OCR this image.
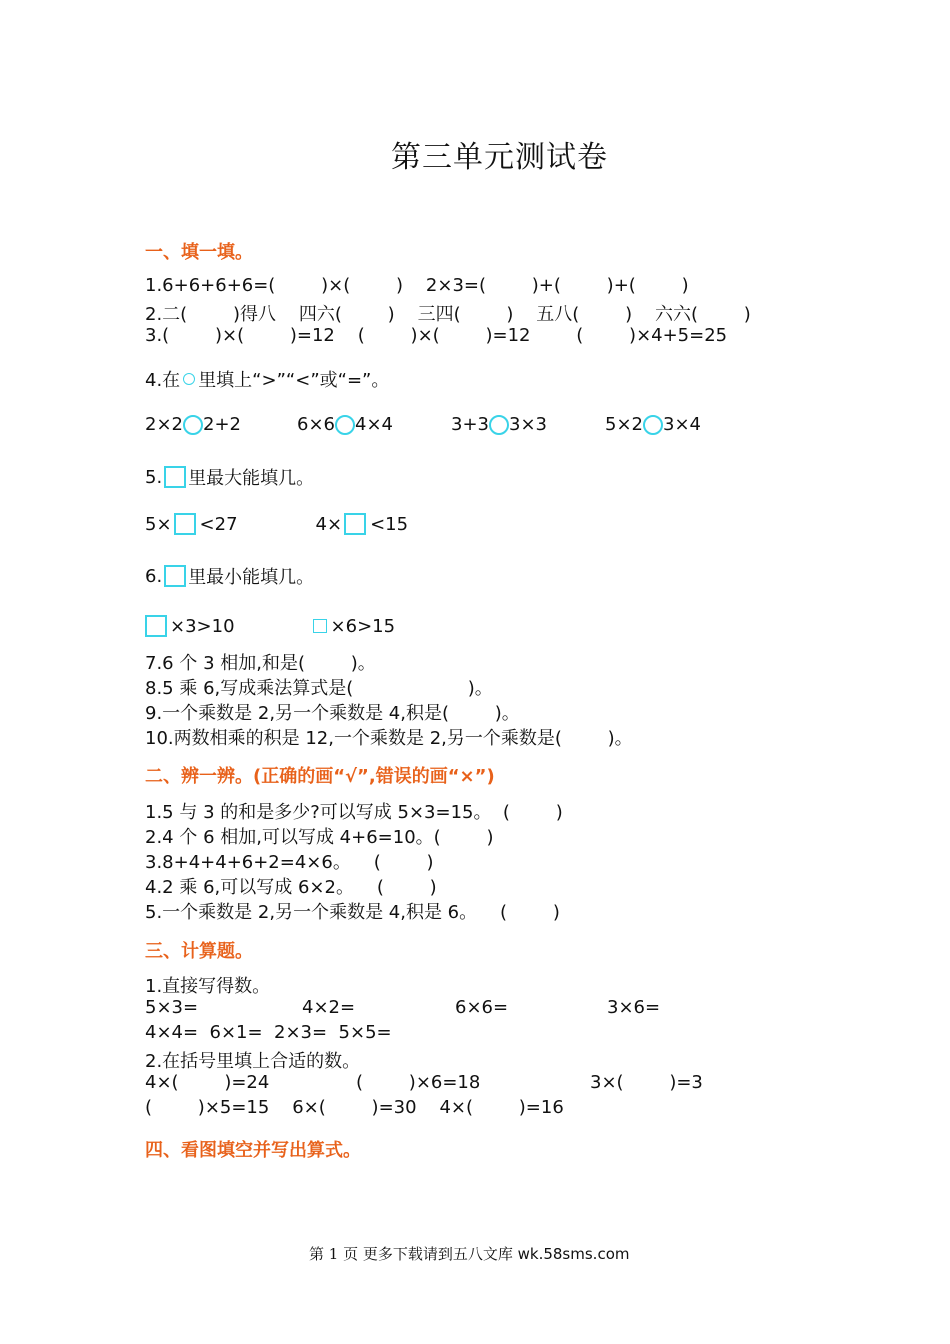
第三单元测试卷
一、填一填。
1.6+6+6+6=(        )×(        )    2×3=(        )+(        )+(        )
2.二(        )得八    四六(        )    三四(        )    五八(        )    六六(        )
3.(        )×(        )=12    (        )×(        )=12        (        )×4+5=25
4.在 里填上“>”“<”或“=”。
2×2 2+2	6×6 4×4	3+3 3×3	5×2 3×4
5. 里最大能填几。
5× <27	4× <15
6. 里最小能填几。
×3>10	×6>15
7.6 个 3 相加,和是(        )。
8.5 乘 6,写成乘法算式是(                    )。
9.一个乘数是 2,另一个乘数是 4,积是(        )。
10.两数相乘的积是 12,一个乘数是 2,另一个乘数是(        )。
二、辨一辨。(正确的画“√”,错误的画“×”)
1.5 与 3 的和是多少?可以写成 5×3=15。  (        )
2.4 个 6 相加,可以写成 4+6=10。(        )
3.8+4+4+6+2=4×6。    (        )
4.2 乘 6,可以写成 6×2。    (        )
5.一个乘数是 2,另一个乘数是 4,积是 6。    (        )
三、计算题。
1.直接写得数。
5×3=	4×2=	6×6=	3×6=
4×4=  6×1=  2×3=  5×5=
2.在括号里填上合适的数。
4×(        )=24	(        )×6=18	3×(        )=3
(        )×5=15    6×(        )=30    4×(        )=16
四、看图填空并写出算式。
第 1 页 更多下载请到五八文库 wk.58sms.com
